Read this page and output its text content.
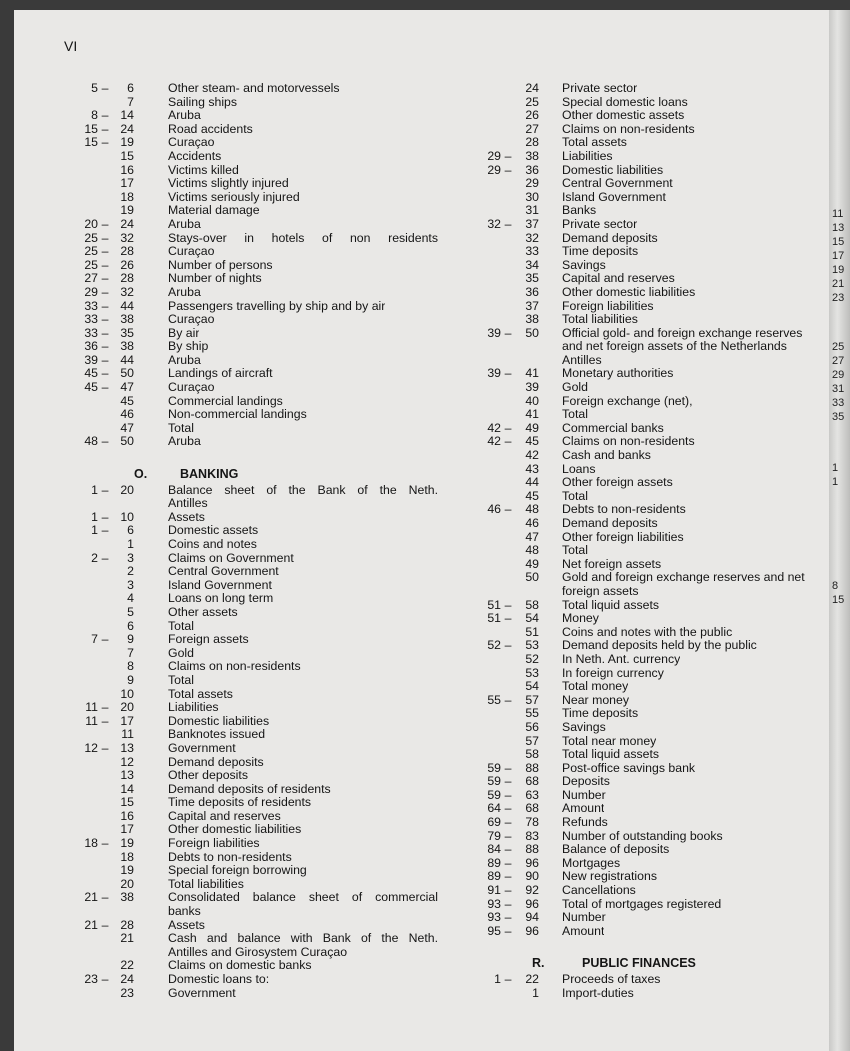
VI
5 –	6	Other steam- and motorvessels
7	Sailing ships
8 – 14	Aruba
15 – 24	Road accidents
15 – 19	Curaçao
15	Accidents
16	Victims killed
17	Victims slightly injured
18	Victims seriously injured
19	Material damage
20 – 24	Aruba
25 – 32	Stays-over in hotels of non residents
25 – 28	Curaçao
25 – 26	Number of persons
27 – 28	Number of nights
29 – 32	Aruba
33 – 44	Passengers travelling by ship and by air
33 – 38	Curaçao
33 – 35	By air
36 – 38	By ship
39 – 44	Aruba
45 – 50	Landings of aircraft
45 – 47	Curaçao
45	Commercial landings
46	Non-commercial landings
47	Total
48 – 50	Aruba
O.	BANKING
1 – 20	Balance sheet of the Bank of the Neth.
Antilles
1 – 10	Assets
1 –	6	Domestic assets
1	Coins and notes
2 –	3	Claims on Government
2	Central Government
3	Island Government
4	Loans on long term
5	Other assets
6	Total
7 –	9	Foreign assets
7	Gold
8	Claims on non-residents
9	Total
10	Total assets
11 – 20	Liabilities
11 – 17	Domestic liabilities
11	Banknotes issued
12 – 13	Government
12	Demand deposits
13	Other deposits
14	Demand deposits of residents
15	Time deposits of residents
16	Capital and reserves
17	Other domestic liabilities
18 – 19	Foreign liabilities
18	Debts to non-residents
19	Special foreign borrowing
20	Total liabilities
21 – 38	Consolidated balance sheet of commercial
banks
21 – 28	Assets
21	Cash and balance with Bank of the Neth.
Antilles and Girosystem Curaçao
22	Claims on domestic banks
23 – 24	Domestic loans to:
23	Government
24	Private sector
25	Special domestic loans
26	Other domestic assets
27	Claims on non-residents
28	Total assets
29 –	38	Liabilities
29 –	36	Domestic liabilities
29	Central Government
30	Island Government
31	Banks
32 –	37	Private sector
32	Demand deposits
33	Time deposits
34	Savings
35	Capital and reserves
36	Other domestic liabilities
37	Foreign liabilities
38	Total liabilities
39 –	50	Official gold- and foreign exchange reserves
and net foreign assets of the Netherlands
Antilles
39 –	41	Monetary authorities
39	Gold
40	Foreign exchange (net),
41	Total
42 –	49	Commercial banks
42 –	45	Claims on non-residents
42	Cash and banks
43	Loans
44	Other foreign assets
45	Total
46 –	48	Debts to non-residents
46	Demand deposits
47	Other foreign liabilities
48	Total
49	Net foreign assets
50	Gold and foreign exchange reserves and net
foreign assets
51 –	58	Total liquid assets
51 –	54	Money
51	Coins and notes with the public
52 –	53	Demand deposits held by the public
52	In Neth. Ant. currency
53	In foreign currency
54	Total money
55 –	57	Near money
55	Time deposits
56	Savings
57	Total near money
58	Total liquid assets
59 –	88	Post-office savings bank
59 –	68	Deposits
59 –	63	Number
64 –	68	Amount
69 –	78	Refunds
79 –	83	Number of outstanding books
84 –	88	Balance of deposits
89 –	96	Mortgages
89 –	90	New registrations
91 –	92	Cancellations
93 –	96	Total of mortgages registered
93 –	94	Number
95 –	96	Amount
R.	PUBLIC FINANCES
1 –	22	Proceeds of taxes
1	Import-duties
11
13
15
17
19
21
23
25
27
29
31
33
35
1
1
8
15
